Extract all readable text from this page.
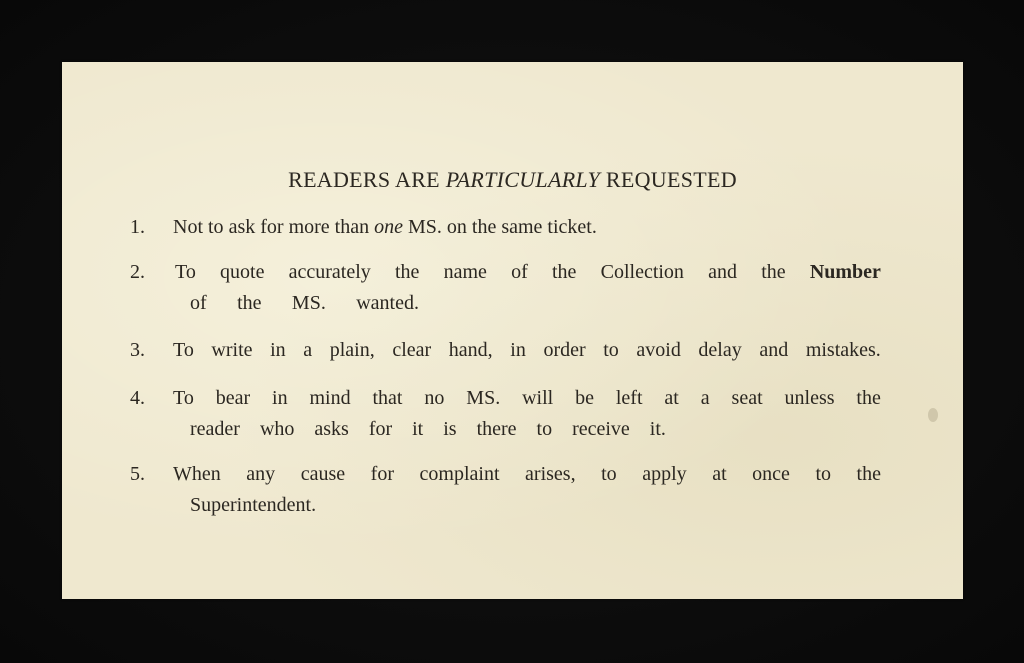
READERS ARE PARTICULARLY REQUESTED
1.	Not to ask for more than one MS. on the same ticket.
2.	To quote accurately the name of the Collection and the Number
of the MS. wanted.
3.	To write in a plain, clear hand, in order to avoid delay and mistakes.
4.	To bear in mind that no MS. will be left at a seat unless the
reader who asks for it is there to receive it.
5.	When any cause for complaint arises, to apply at once to the
Superintendent.
